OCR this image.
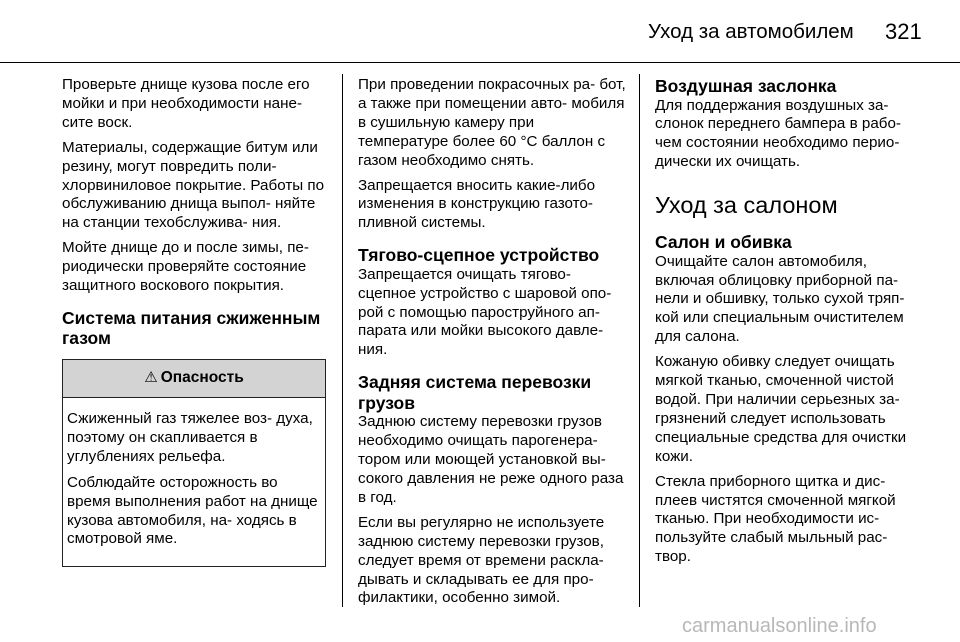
Уход за автомобилем 321

Проверьте днище кузова после его мойки и при необходимости нане- сите воск.

Материалы, содержащие битум или резину, могут повредить поли- хлорвиниловое покрытие. Работы по обслуживанию днища выпол- няйте на станции техобслужива- ния.

Мойте днище до и после зимы, пе- риодически проверяйте состояние защитного воскового покрытия.

Система питания сжиженным газом
⚠ Опасность

Сжиженный газ тяжелее воз- духа, поэтому он скапливается в углублениях рельефа.

Соблюдайте осторожность во время выполнения работ на днище кузова автомобиля, на- ходясь в смотровой яме.

При проведении покрасочных ра- бот, а также при помещении авто- мобиля в сушильную камеру при температуре более 60 °C баллон с газом необходимо снять.

Запрещается вносить какие-либо изменения в конструкцию газото- пливной системы.

Тягово-сцепное устройство

Запрещается очищать тягово- сцепное устройство с шаровой опо- рой с помощью пароструйного ап- парата или мойки высокого давле- ния.

Задняя система перевозки грузов

Заднюю систему перевозки грузов необходимо очищать парогенера- тором или моющей установкой вы- сокого давления не реже одного раза в год.

Если вы регулярно не используете заднюю систему перевозки грузов, следует время от времени раскла- дывать и складывать ее для про- филактики, особенно зимой.

Воздушная заслонка

Для поддержания воздушных за- слонок переднего бампера в рабо- чем состоянии необходимо перио- дически их очищать.

Уход за салоном
Салон и обивка

Очищайте салон автомобиля, включая облицовку приборной па- нели и обшивку, только сухой тряп- кой или специальным очистителем для салона.

Кожаную обивку следует очищать мягкой тканью, смоченной чистой водой. При наличии серьезных за- грязнений следует использовать специальные средства для очистки кожи.

Стекла приборного щитка и дис- плеев чистятся смоченной мягкой тканью. При необходимости ис- пользуйте слабый мыльный рас- твор.

carmanualsonline.info
